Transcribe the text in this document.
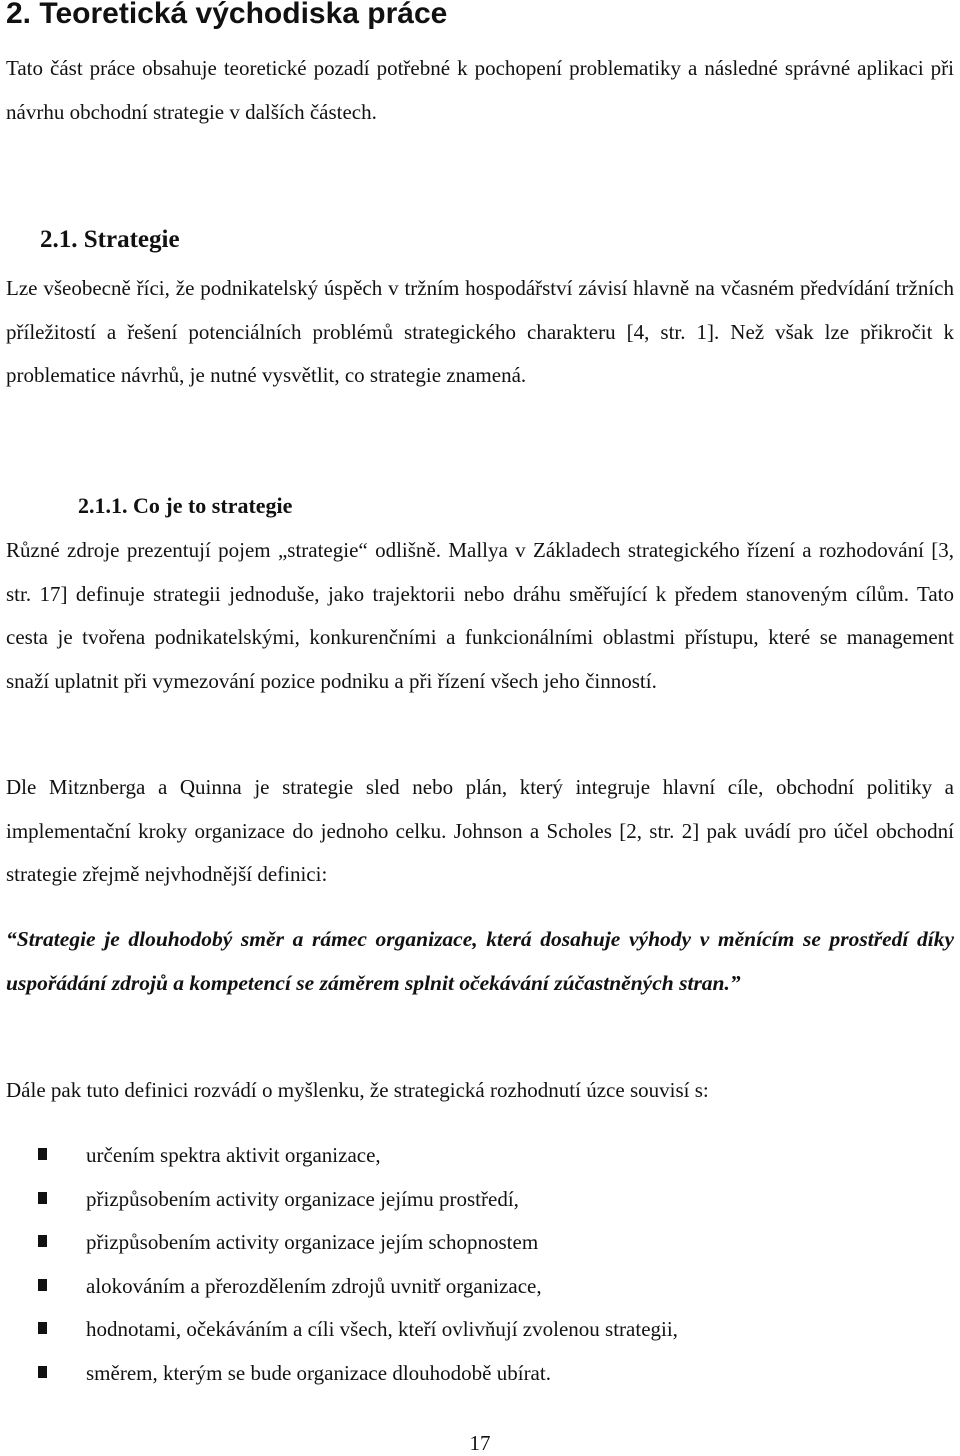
2. Teoretická východiska práce

Tato část práce obsahuje teoretické pozadí potřebné k pochopení problematiky a následné správné aplikaci při návrhu obchodní strategie v dalších částech.

2.1. Strategie

Lze všeobecně říci, že podnikatelský úspěch v tržním hospodářství závisí hlavně na včasném předvídání tržních příležitostí a řešení potenciálních problémů strategického charakteru [4, str. 1]. Než však lze přikročit k problematice návrhů, je nutné vysvětlit, co strategie znamená.

2.1.1. Co je to strategie

Různé zdroje prezentují pojem „strategie“ odlišně. Mallya v Základech strategického řízení a rozhodování [3, str. 17] definuje strategii jednoduše, jako trajektorii nebo dráhu směřující k předem stanoveným cílům. Tato cesta je tvořena podnikatelskými, konkurenčními a funkcionálními oblastmi přístupu, které se management snaží uplatnit při vymezování pozice podniku a při řízení všech jeho činností.

Dle Mitznberga a Quinna je strategie sled nebo plán, který integruje hlavní cíle, obchodní politiky a implementační kroky organizace do jednoho celku. Johnson a Scholes [2, str. 2] pak uvádí pro účel obchodní strategie zřejmě nejvhodnější definici:

“Strategie je dlouhodobý směr a rámec organizace, která dosahuje výhody v měnícím se prostředí díky uspořádání zdrojů a kompetencí se záměrem splnit očekávání zúčastněných stran.”

Dále pak tuto definici rozvádí o myšlenku, že strategická rozhodnutí úzce souvisí s:

určením spektra aktivit organizace,
přizpůsobením activity organizace jejímu prostředí,
přizpůsobením activity organizace jejím schopnostem
alokováním a přerozdělením zdrojů uvnitř organizace,
hodnotami, očekáváním a cíli všech, kteří ovlivňují zvolenou strategii,
směrem, kterým se bude organizace dlouhodobě ubírat.
17
